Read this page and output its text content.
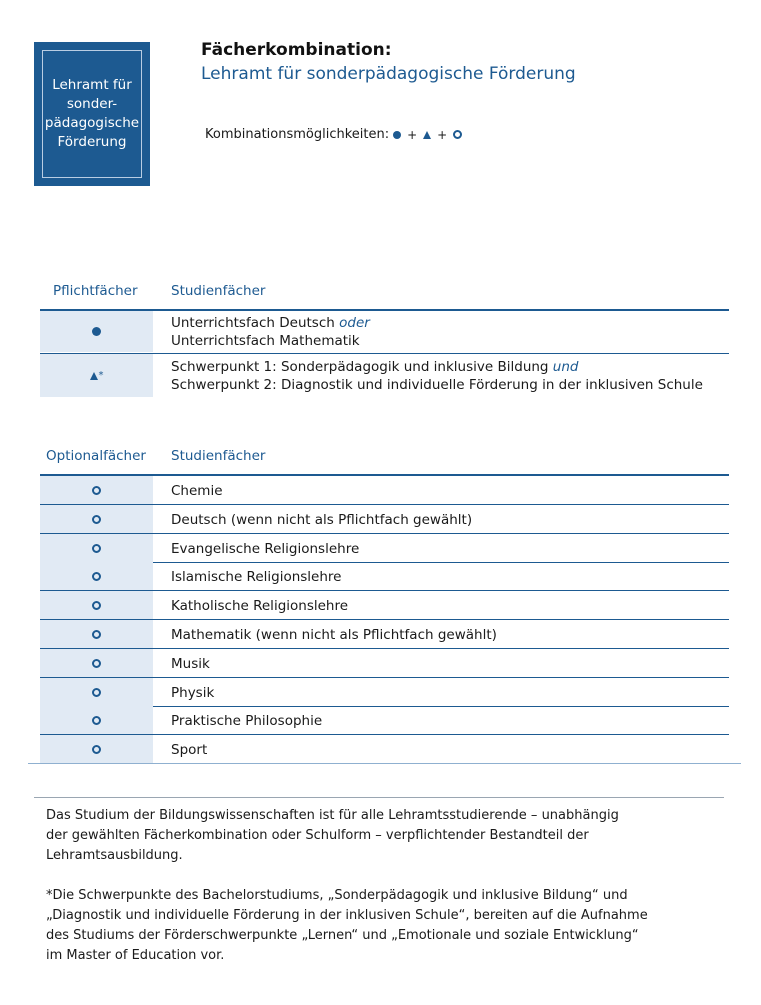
Lehramt für
sonder-
pädagogische
Förderung
Fächerkombination:
Lehramt für sonderpädagogische Förderung
Kombinationsmöglichkeiten: + +
Pflichtfächer Studienfächer
Unterrichtsfach Deutsch oder
Unterrichtsfach Mathematik
*
Schwerpunkt 1: Sonderpädagogik und inklusive Bildung und
Schwerpunkt 2: Diagnostik und individuelle Förderung in der inklusiven Schule
Optionalfächer Studienfächer
Chemie
Deutsch (wenn nicht als Pflichtfach gewählt)
Evangelische Religionslehre
Islamische Religionslehre
Katholische Religionslehre
Mathematik (wenn nicht als Pflichtfach gewählt)
Musik
Physik
Praktische Philosophie
Sport
Das Studium der Bildungswissenschaften ist für alle Lehramtsstudierende – unabhängig
der gewählten Fächerkombination oder Schulform – verpflichtender Bestandteil der
Lehramtsausbildung.
*Die Schwerpunkte des Bachelorstudiums, „Sonderpädagogik und inklusive Bildung“ und
„Diagnostik und individuelle Förderung in der inklusiven Schule“, bereiten auf die Aufnahme
des Studiums der Förderschwerpunkte „Lernen“ und „Emotionale und soziale Entwicklung“
im Master of Education vor.
